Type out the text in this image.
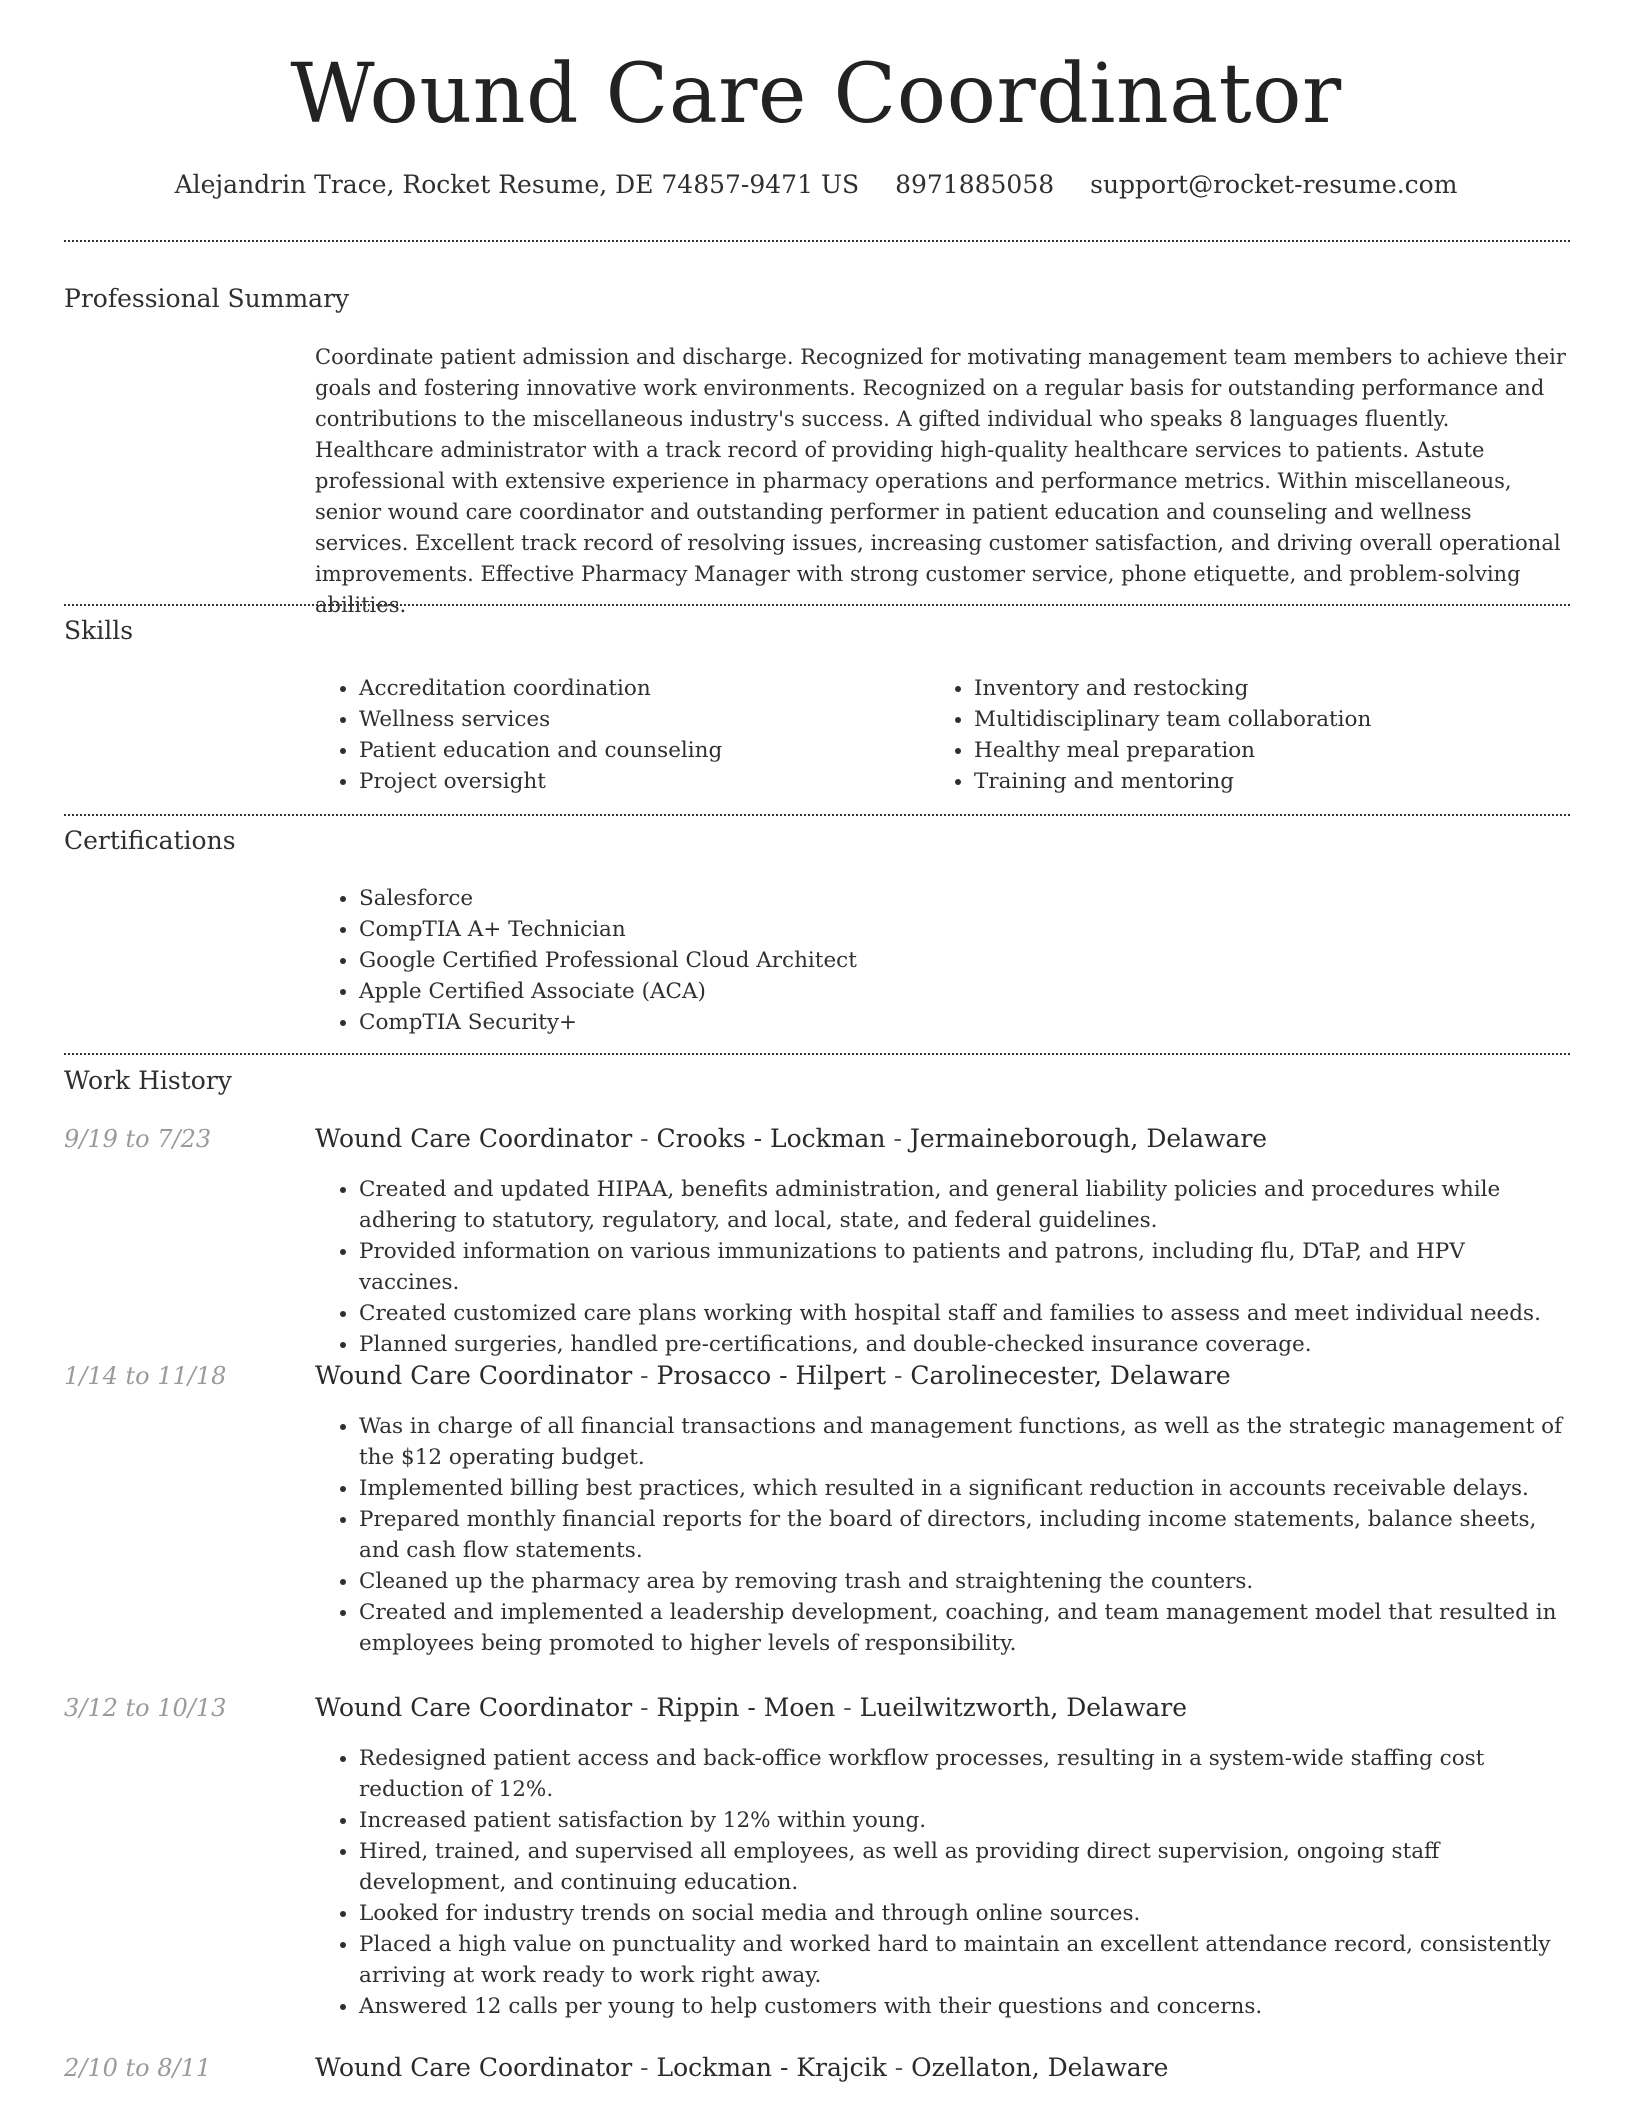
Wound Care Coordinator
Alejandrin Trace, Rocket Resume, DE 74857-9471 US 8971885058 support@rocket-resume.com
Professional Summary

Coordinate patient admission and discharge. Recognized for motivating management team members to achieve their goals and fostering innovative work environments. Recognized on a regular basis for outstanding performance and contributions to the miscellaneous industry's success. A gifted individual who speaks 8 languages fluently. Healthcare administrator with a track record of providing high-quality healthcare services to patients. Astute professional with extensive experience in pharmacy operations and performance metrics. Within miscellaneous, senior wound care coordinator and outstanding performer in patient education and counseling and wellness services. Excellent track record of resolving issues, increasing customer satisfaction, and driving overall operational improvements. Effective Pharmacy Manager with strong customer service, phone etiquette, and problem-solving abilities.

Skills
• Accreditation coordination
• Wellness services
• Patient education and counseling
• Project oversight
• Inventory and restocking
• Multidisciplinary team collaboration
• Healthy meal preparation
• Training and mentoring
Certifications
• Salesforce
• CompTIA A+ Technician
• Google Certified Professional Cloud Architect
• Apple Certified Associate (ACA)
• CompTIA Security+
Work History
9/19 to 7/23	Wound Care Coordinator - Crooks - Lockman - Jermaineborough, Delaware
• Created and updated HIPAA, benefits administration, and general liability policies and procedures while adhering to statutory, regulatory, and local, state, and federal guidelines.
• Provided information on various immunizations to patients and patrons, including flu, DTaP, and HPV vaccines.
• Created customized care plans working with hospital staff and families to assess and meet individual needs.
• Planned surgeries, handled pre-certifications, and double-checked insurance coverage.
1/14 to 11/18	Wound Care Coordinator - Prosacco - Hilpert - Carolinecester, Delaware
• Was in charge of all financial transactions and management functions, as well as the strategic management of the $12 operating budget.
• Implemented billing best practices, which resulted in a significant reduction in accounts receivable delays.
• Prepared monthly financial reports for the board of directors, including income statements, balance sheets, and cash flow statements.
• Cleaned up the pharmacy area by removing trash and straightening the counters.
• Created and implemented a leadership development, coaching, and team management model that resulted in employees being promoted to higher levels of responsibility.
3/12 to 10/13	Wound Care Coordinator - Rippin - Moen - Lueilwitzworth, Delaware
• Redesigned patient access and back-office workflow processes, resulting in a system-wide staffing cost reduction of 12%.
• Increased patient satisfaction by 12% within young.
• Hired, trained, and supervised all employees, as well as providing direct supervision, ongoing staff development, and continuing education.
• Looked for industry trends on social media and through online sources.
• Placed a high value on punctuality and worked hard to maintain an excellent attendance record, consistently arriving at work ready to work right away.
• Answered 12 calls per young to help customers with their questions and concerns.
2/10 to 8/11	Wound Care Coordinator - Lockman - Krajcik - Ozellaton, Delaware
